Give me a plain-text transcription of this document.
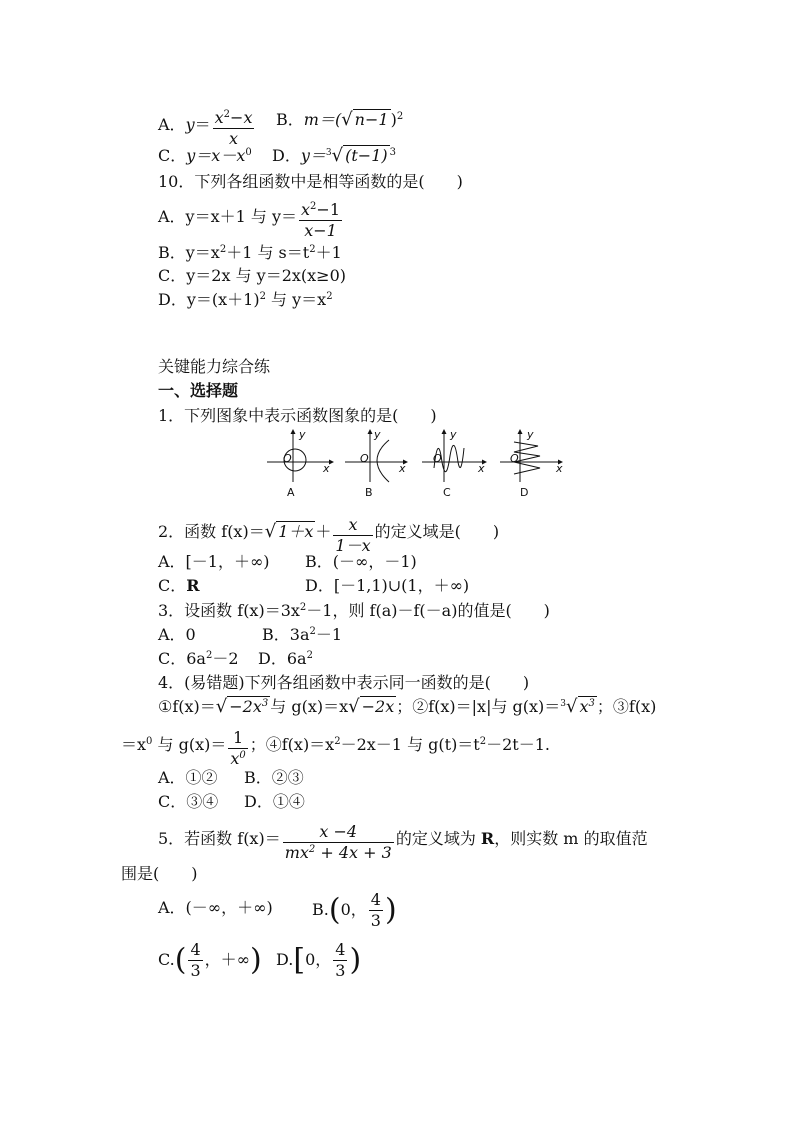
A．$y= \frac{x^2-x}{x}$ B．m＝(√ n−1 )$^2$
C．$y=x-x^0$ D．y＝$^3$√ (t−1) $^3$
10．下列各组函数中是相等函数的是(　　)
A．y＝x＋1 与 $y= \frac{x^2-1}{x-1}$
B．$y=x^2+1$ 与 $s=t^2+1$
C．y＝2x 与 y＝2x(x≥0)
D．$y=(x+1)^2$ 与 $y=x^2$
关键能力综合练
一、选择题
1．下列图象中表示函数图象的是(　　)
y
x
O
A
y
x
O
B
y
x
O
C
y
x
O
D
2．函数 f(x)＝√ $1+x + \frac{x}{1-x}$ 的定义域是(　　)
A．[－1，＋∞) B．(－∞，－1)
C．R	D．[－1,1)∪(1，＋∞)
3．设函数 $f(x)=3x^2-1$，则 f(a)－f(－a)的值是(　　)
A．0	B．$3a^2-1$
C．$6a^2-2$ D．$6a^2$
4．(易错题)下列各组函数中表示同一函数的是(　　)
①f(x)＝√ $-2x^3$ 与 g(x)＝x√ −2x ；②f(x)＝|x|与 g(x)＝$^3$√ $x^3$ ；③f(x)
$=x^0$ 与 $g(x)= \frac{1}{x^0}$ ；$④f(x)=x^2-2x-1$ 与 $g(t)=t^2-2t-1$.
A．①② B．②③
C．③④ D．①④
5．若函数 $f(x)= \frac{x -4}{mx^2 + 4x + 3}$ 的定义域为 R，则实数 m 的取值范
围是(　　)
A．(－∞，＋∞) B.(0， $\frac{4}{3}$ )
$C.( \frac{4}{3}$ ，＋∞) D.[0， $\frac{4}{3}$ )
